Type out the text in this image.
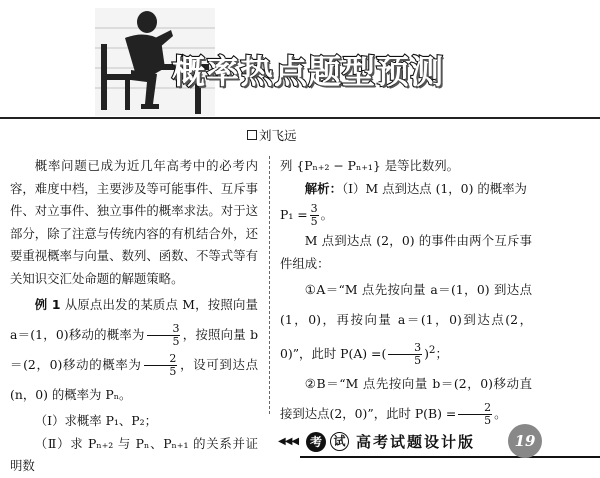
概率热点题型预测
刘飞远

概率问题已成为近几年高考中的必考内容，难度中档，主要涉及等可能事件、互斥事件、对立事件、独立事件的概率求法。对于这部分，除了注意与传统内容的有机结合外，还要重视概率与向量、数列、函数、不等式等有关知识交汇处命题的解题策略。

例 1 从原点出发的某质点 M，按照向量 a＝(1，0)移动的概率为 $\frac{3}{5}$ ，按照向量 b＝(2，0)移动的概率为 $\frac{2}{5}$ ，设可到达点 (n，0) 的概率为 Pₙ。

（Ⅰ）求概率 P₁、P₂；

（Ⅱ）求 Pₙ₊₂ 与 Pₙ、Pₙ₊₁ 的关系并证明数

列 {Pₙ₊₂ − Pₙ₊₁} 是等比数列。

解析：（Ⅰ）M 点到达点 (1，0) 的概率为

$P_1 = \frac{3}{5}$ 。

M 点到达点 (2，0) 的事件由两个互斥事件组成：

①A＝“M 点先按向量 a＝(1，0) 到达点(1，0)，再按向量 a＝(1，0)到达点(2，0)”，此时 P(A) =( $\frac{3}{5} )^2$；

②B＝“M 点先按向量 b＝(2，0)移动直接到达点(2，0)”，此时 $P(B) = \frac{2}{5}$ 。

◀◀◀ 考 试 高考试题设计版	19
